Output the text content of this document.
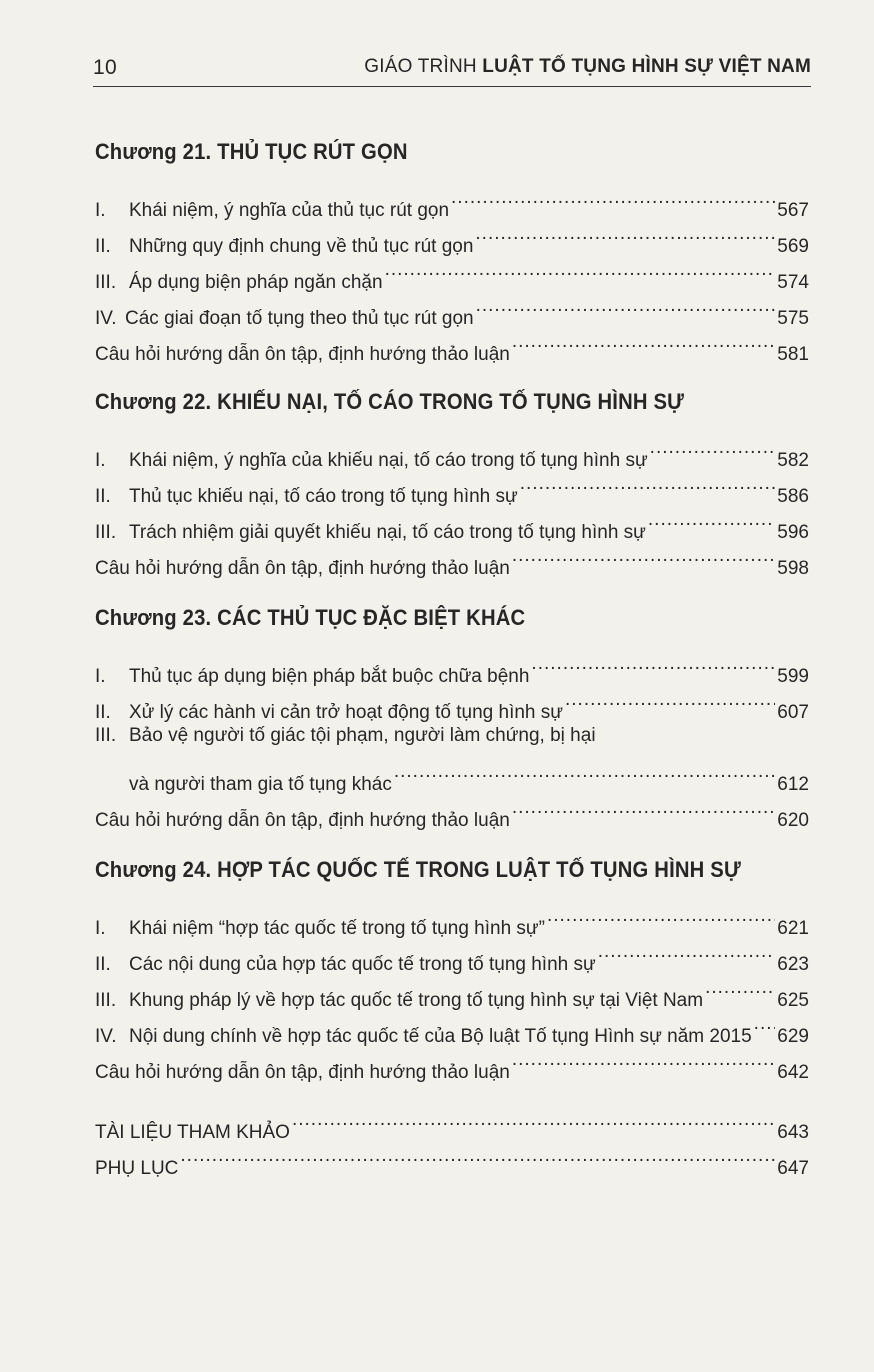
10	GIÁO TRÌNH LUẬT TỐ TỤNG HÌNH SỰ VIỆT NAM
Chương 21. THỦ TỤC RÚT GỌN
I.	Khái niệm, ý nghĩa của thủ tục rút gọn .....	567
II. Những quy định chung về thủ tục rút gọn .....	569
III. Áp dụng biện pháp ngăn chặn .....	574
IV. Các giai đoạn tố tụng theo thủ tục rút gọn .....	575
Câu hỏi hướng dẫn ôn tập, định hướng thảo luận .....	581
Chương 22. KHIẾU NẠI, TỐ CÁO TRONG TỐ TỤNG HÌNH SỰ
I.	Khái niệm, ý nghĩa của khiếu nại, tố cáo trong tố tụng hình sự .....	582
II. Thủ tục khiếu nại, tố cáo trong tố tụng hình sự .....	586
III. Trách nhiệm giải quyết khiếu nại, tố cáo trong tố tụng hình sự .....	596
Câu hỏi hướng dẫn ôn tập, định hướng thảo luận .....	598
Chương 23. CÁC THỦ TỤC ĐẶC BIỆT KHÁC
I.	Thủ tục áp dụng biện pháp bắt buộc chữa bệnh .....	599
II. Xử lý các hành vi cản trở hoạt động tố tụng hình sự .....	607
III. Bảo vệ người tố giác tội phạm, người làm chứng, bị hại
và người tham gia tố tụng khác .....	612
Câu hỏi hướng dẫn ôn tập, định hướng thảo luận .....	620
Chương 24. HỢP TÁC QUỐC TẾ TRONG LUẬT TỐ TỤNG HÌNH SỰ
I.	Khái niệm “hợp tác quốc tế trong tố tụng hình sự” .....	621
II. Các nội dung của hợp tác quốc tế trong tố tụng hình sự .....	623
III. Khung pháp lý về hợp tác quốc tế trong tố tụng hình sự tại Việt Nam .....	625
IV. Nội dung chính về hợp tác quốc tế của Bộ luật Tố tụng Hình sự năm 2015 ..... 629
Câu hỏi hướng dẫn ôn tập, định hướng thảo luận .....	642
TÀI LIỆU THAM KHẢO .....	643
PHỤ LỤC .....	647
